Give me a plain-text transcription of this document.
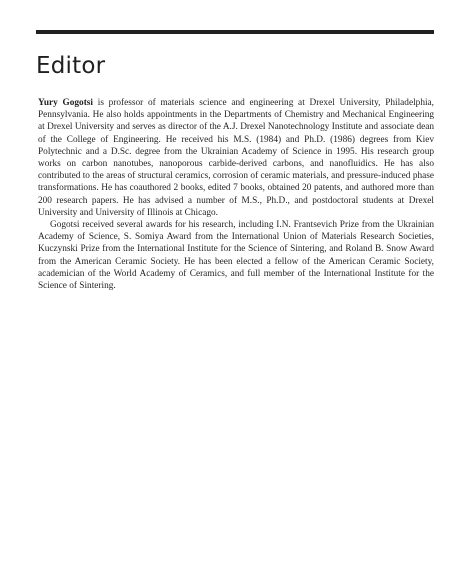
Editor

Yury Gogotsi is professor of materials science and engineering at Drexel University, Philadelphia, Pennsylvania. He also holds appointments in the Departments of Chemistry and Mechanical Engineering at Drexel University and serves as director of the A.J. Drexel Nanotechnology Institute and associate dean of the College of Engineering. He received his M.S. (1984) and Ph.D. (1986) degrees from Kiev Polytechnic and a D.Sc. degree from the Ukrainian Academy of Science in 1995. His research group works on carbon nanotubes, nanoporous carbide-derived carbons, and nanofluidics. He has also contributed to the areas of structural ceramics, corrosion of ceramic materials, and pressure-induced phase transformations. He has coauthored 2 books, edited 7 books, obtained 20 patents, and authored more than 200 research papers. He has advised a number of M.S., Ph.D., and postdoctoral students at Drexel University and University of Illinois at Chicago.

Gogotsi received several awards for his research, including I.N. Frantsevich Prize from the Ukrainian Academy of Science, S. Somiya Award from the International Union of Materials Research Societies, Kuczynski Prize from the International Institute for the Science of Sintering, and Roland B. Snow Award from the American Ceramic Society. He has been elected a fellow of the American Ceramic Society, academician of the World Academy of Ceramics, and full member of the International Institute for the Science of Sintering.
